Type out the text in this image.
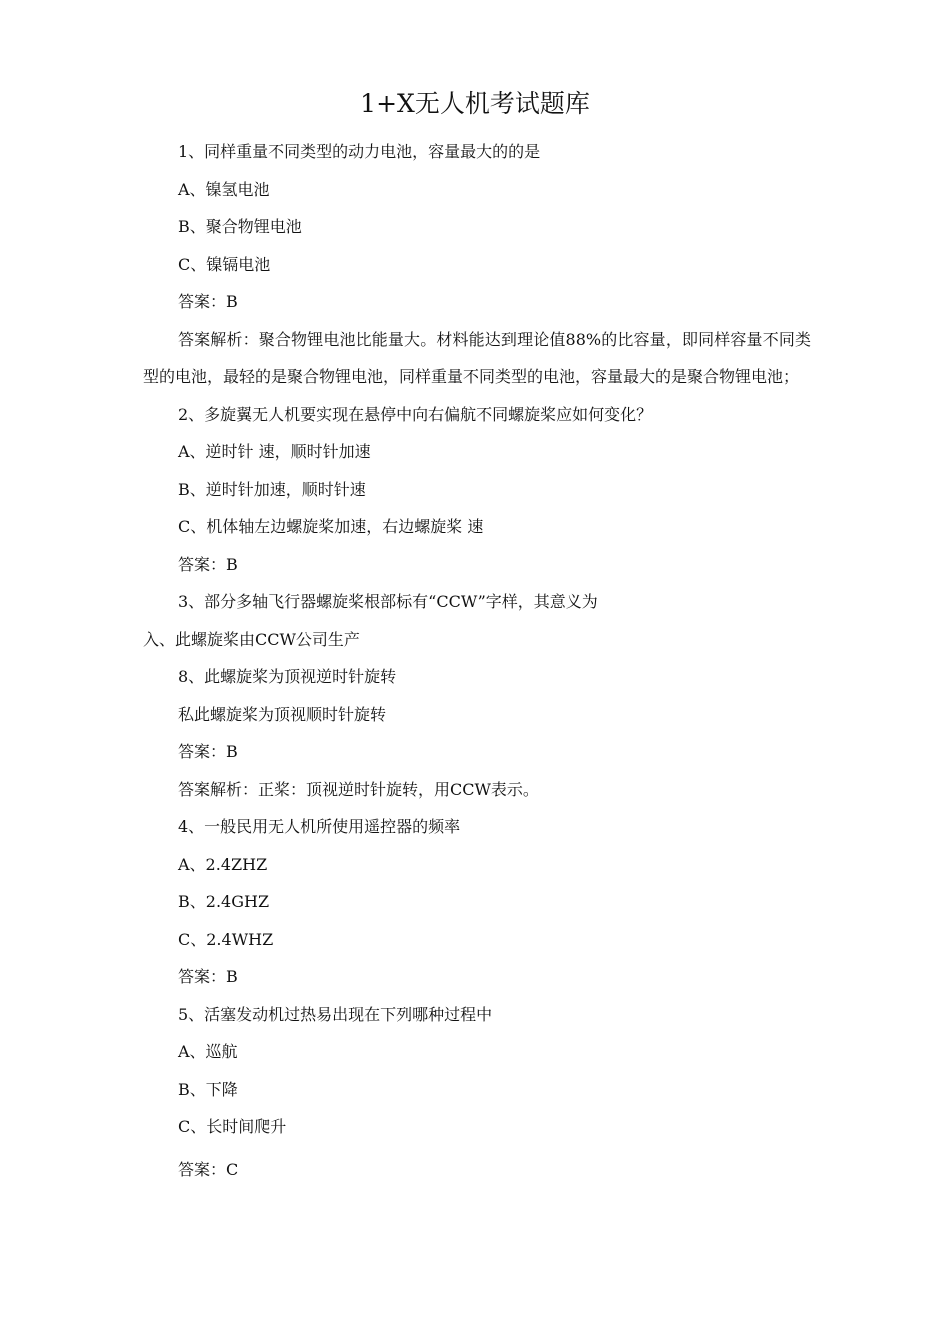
1+X无人机考试题库

1、同样重量不同类型的动力电池，容量最大的的是

A、镍氢电池

B、聚合物锂电池

C、镍镉电池

答案：B

答案解析：聚合物锂电池比能量大。材料能达到理论值88%的比容量，即同样容量不同类型的电池，最轻的是聚合物锂电池，同样重量不同类型的电池，容量最大的是聚合物锂电池；

2、多旋翼无人机要实现在悬停中向右偏航不同螺旋桨应如何变化？

A、逆时针 速，顺时针加速

B、逆时针加速，顺时针速

C、机体轴左边螺旋桨加速，右边螺旋桨 速

答案：B

3、部分多轴飞行器螺旋桨根部标有“CCW”字样，其意义为

入、此螺旋桨由CCW公司生产

8、此螺旋桨为顶视逆时针旋转

私此螺旋桨为顶视顺时针旋转

答案：B

答案解析：正桨：顶视逆时针旋转，用CCW表示。

4、一般民用无人机所使用遥控器的频率

A、2.4ZHZ

B、2.4GHZ

C、2.4WHZ

答案：B

5、活塞发动机过热易出现在下列哪种过程中

A、巡航

B、下降

C、长时间爬升

答案：C
